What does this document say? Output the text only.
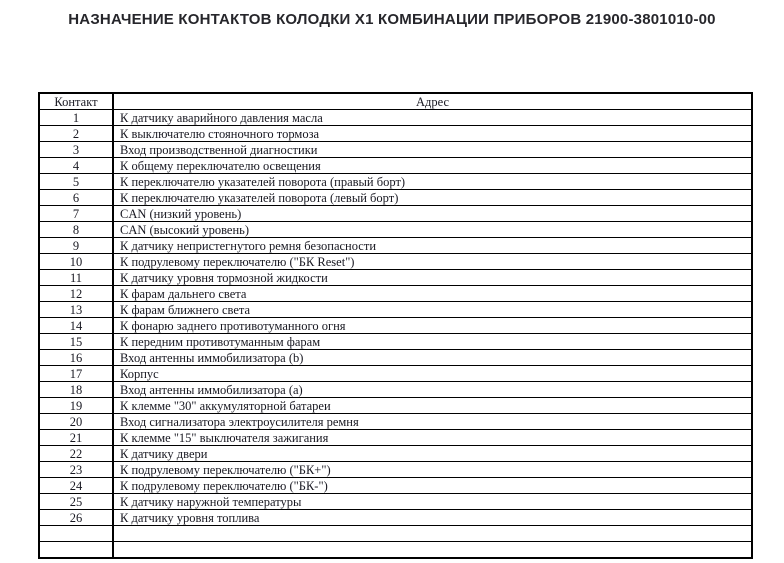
НАЗНАЧЕНИЕ КОНТАКТОВ КОЛОДКИ Х1 КОМБИНАЦИИ ПРИБОРОВ 21900-3801010-00
Контакт	Адрес
1	К датчику аварийного давления масла
2	К выключателю стояночного тормоза
3	Вход производственной диагностики
4	К общему переключателю освещения
5	К переключателю указателей поворота (правый борт)
6	К переключателю указателей поворота (левый борт)
7	CAN (низкий уровень)
8	CAN (высокий уровень)
9	К датчику непристегнутого ремня безопасности
10	К подрулевому переключателю ("БК Reset")
11	К датчику уровня тормозной жидкости
12	К фарам дальнего света
13	К фарам ближнего света
14	К фонарю заднего противотуманного огня
15	К передним противотуманным фарам
16	Вход антенны иммобилизатора (b)
17	Корпус
18	Вход антенны иммобилизатора (a)
19	К клемме "30" аккумуляторной батареи
20	Вход сигнализатора электроусилителя ремня
21	К клемме "15" выключателя зажигания
22	К датчику двери
23	К подрулевому переключателю ("БК+")
24	К подрулевому переключателю ("БК-")
25	К датчику наружной температуры
26	К датчику уровня топлива
